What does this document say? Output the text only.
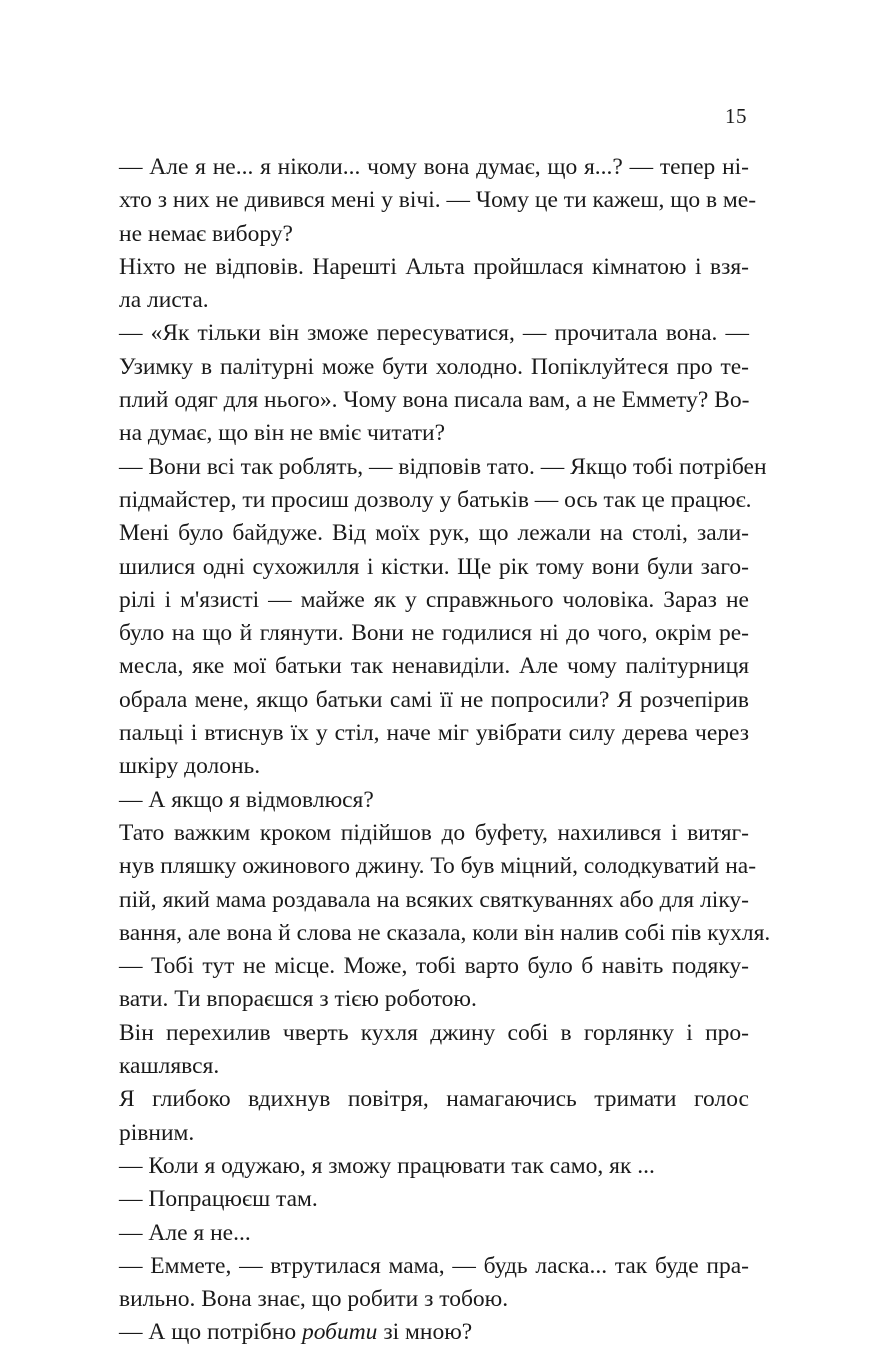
15
— Але я не... я ніколи... чому вона думає, що я...? — тепер ні-
хто з них не дивився мені у вічі. — Чому це ти кажеш, що в ме-
не немає вибору?
Ніхто не відповів. Нарешті Альта пройшлася кімнатою і взя-
ла листа.
— «Як тільки він зможе пересуватися, — прочитала вона. —
Узимку в палітурні може бути холодно. Попіклуйтеся про те-
плий одяг для нього». Чому вона писала вам, а не Еммету? Во-
на думає, що він не вміє читати?
— Вони всі так роблять, — відповів тато. — Якщо тобі потрібен
підмайстер, ти просиш дозволу у батьків — ось так це працює.
Мені було байдуже. Від моїх рук, що лежали на столі, зали-
шилися одні сухожилля і кістки. Ще рік тому вони були заго-
рілі і м'язисті — майже як у справжнього чоловіка. Зараз не
було на що й глянути. Вони не годилися ні до чого, окрім ре-
месла, яке мої батьки так ненавиділи. Але чому палітурниця
обрала мене, якщо батьки самі її не попросили? Я розчепірив
пальці і втиснув їх у стіл, наче міг увібрати силу дерева через
шкіру долонь.
— А якщо я відмовлюся?
Тато важким кроком підійшов до буфету, нахилився і витяг-
нув пляшку ожинового джину. То був міцний, солодкуватий на-
пій, який мама роздавала на всяких святкуваннях або для ліку-
вання, але вона й слова не сказала, коли він налив собі пів кухля.
— Тобі тут не місце. Може, тобі варто було б навіть подяку-
вати. Ти впораєшся з тією роботою.
Він перехилив чверть кухля джину собі в горлянку і про-
кашлявся.
Я глибоко вдихнув повітря, намагаючись тримати голос
рівним.
— Коли я одужаю, я зможу працювати так само, як ...
— Попрацюєш там.
— Але я не...
— Еммете, — втрутилася мама, — будь ласка... так буде пра-
вильно. Вона знає, що робити з тобою.
— А що потрібно робити зі мною?
